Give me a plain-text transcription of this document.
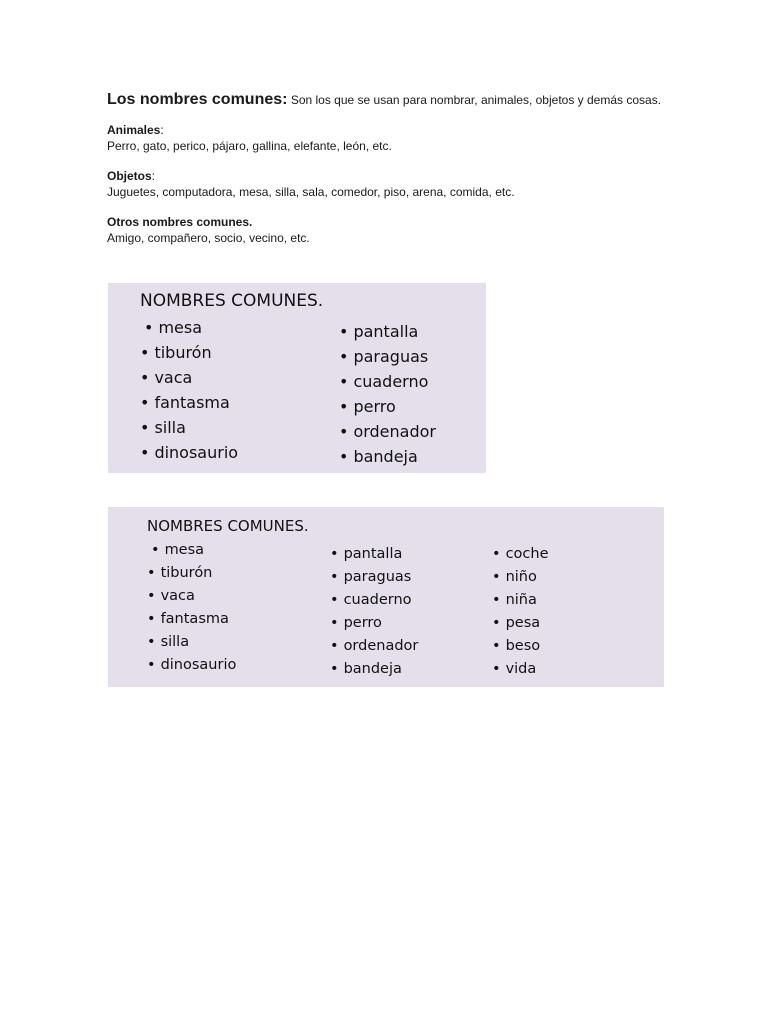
Los nombres comunes: Son los que se usan para nombrar, animales, objetos y demás cosas.

Animales:
Perro, gato, perico, pájaro, gallina, elefante, león, etc.
Objetos:
Juguetes, computadora, mesa, silla, sala, comedor, piso, arena, comida, etc.
Otros nombres comunes.
Amigo, compañero, socio, vecino, etc.
NOMBRES COMUNES.
• mesa
• tiburón
• vaca
• fantasma
• silla
• dinosaurio
• pantalla
• paraguas
• cuaderno
• perro
• ordenador
• bandeja
NOMBRES COMUNES.
• mesa
• tiburón
• vaca
• fantasma
• silla
• dinosaurio
• pantalla
• paraguas
• cuaderno
• perro
• ordenador
• bandeja
• coche
• niño
• niña
• pesa
• beso
• vida
